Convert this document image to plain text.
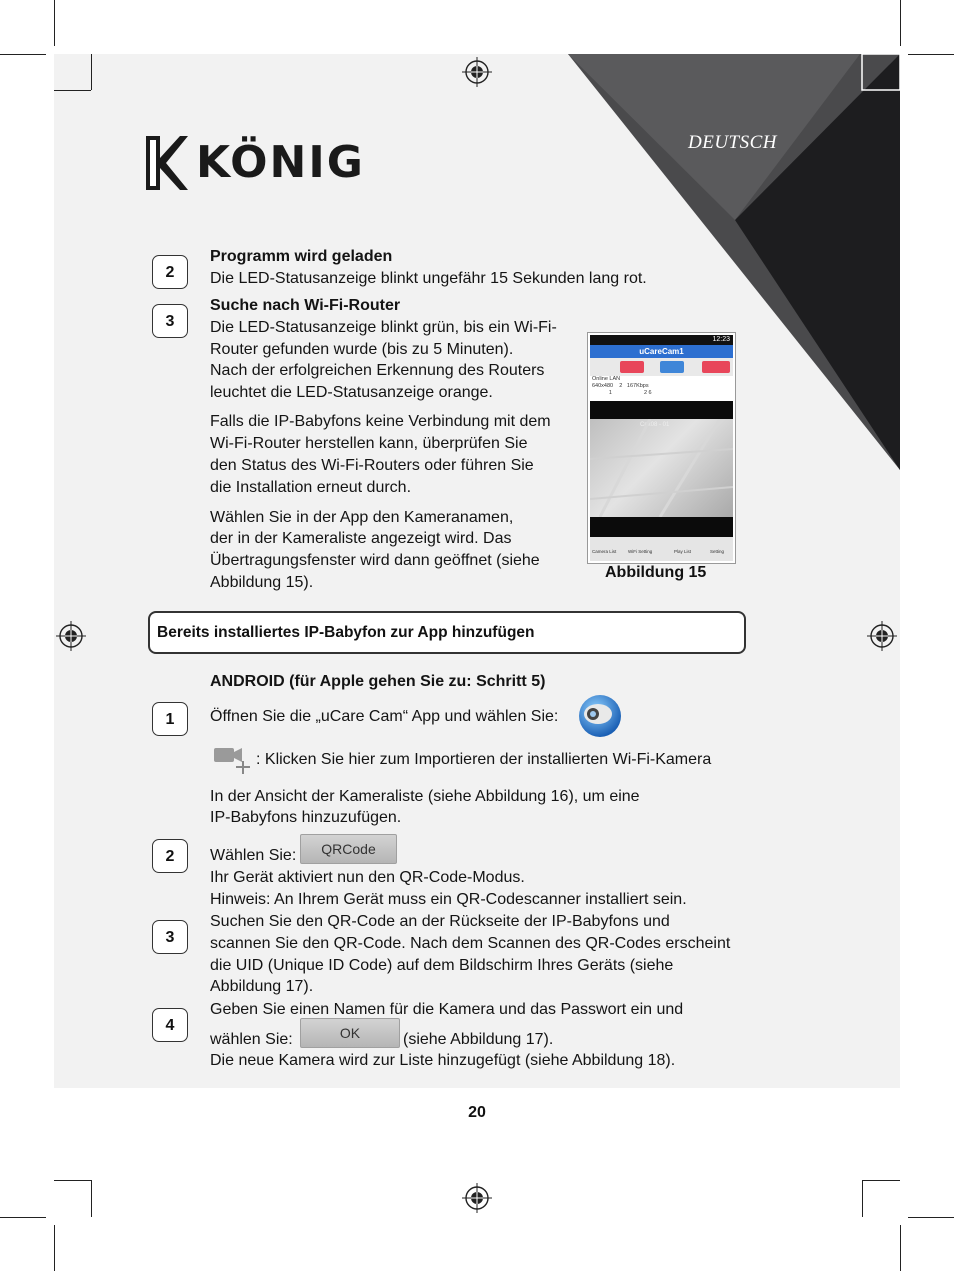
KÖNIG	DEUTSCH
2
Programm wird geladen
Die LED-Statusanzeige blinkt ungefähr 15 Sekunden lang rot.
3
Suche nach Wi-Fi-Router
Die LED-Statusanzeige blinkt grün, bis ein Wi-Fi-
Router gefunden wurde (bis zu 5 Minuten).
Nach der erfolgreichen Erkennung des Routers
leuchtet die LED-Statusanzeige orange.
Falls die IP-Babyfons keine Verbindung mit dem
Wi-Fi-Router herstellen kann, überprüfen Sie
den Status des Wi-Fi-Routers oder führen Sie
die Installation erneut durch.
Wählen Sie in der App den Kameranamen,
der in der Kameraliste angezeigt wird. Das
Übertragungsfenster wird dann geöffnet (siehe
Abbildung 15).
12:23
uCareCam1
Online LAN
640x480 2 167Kbps
1	2 6
Cpx08 - 01
Camera List	WiFi Setting	Play List	Setting
Abbildung 15
Bereits installiertes IP-Babyfon zur App hinzufügen
ANDROID (für Apple gehen Sie zu: Schritt 5)
1	Öffnen Sie die „uCare Cam“ App und wählen Sie:
: Klicken Sie hier zum Importieren der installierten Wi-Fi-Kamera
In der Ansicht der Kameraliste (siehe Abbildung 16), um eine
IP-Babyfons hinzuzufügen.
2	Wählen Sie:	QRCode
Ihr Gerät aktiviert nun den QR-Code-Modus.
Hinweis: An Ihrem Gerät muss ein QR-Codescanner installiert sein.
3
Suchen Sie den QR-Code an der Rückseite der IP-Babyfons und
scannen Sie den QR-Code. Nach dem Scannen des QR-Codes erscheint
die UID (Unique ID Code) auf dem Bildschirm Ihres Geräts (siehe
Abbildung 17).
4
Geben Sie einen Namen für die Kamera und das Passwort ein und
wählen Sie:	OK	(siehe Abbildung 17).
Die neue Kamera wird zur Liste hinzugefügt (siehe Abbildung 18).
20
